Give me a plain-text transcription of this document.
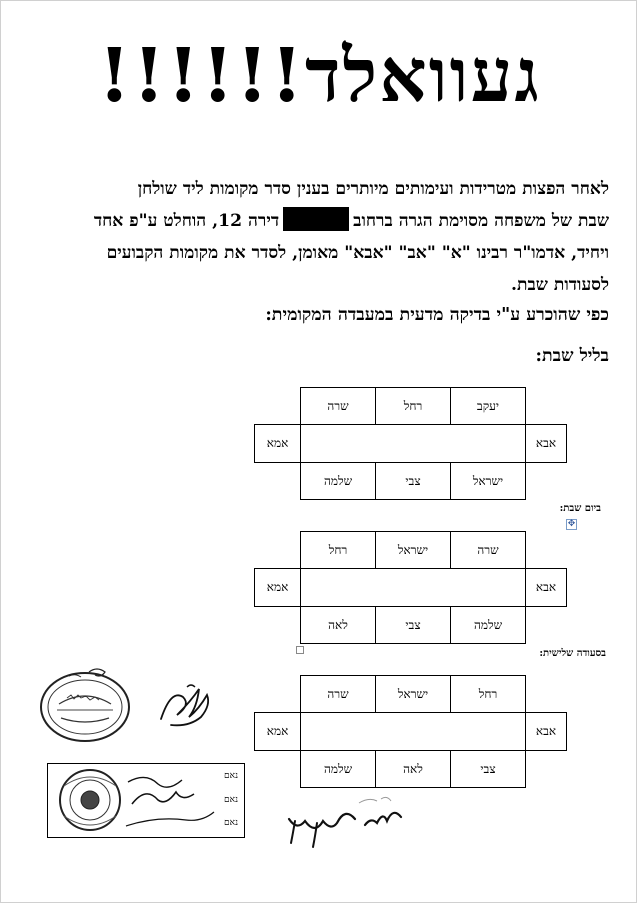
געוואלד!!!!!!
לאחר הפצות מטרידות ועימותים מיותרים בענין סדר מקומות ליד שולחן
שבת של משפחה מסוימת הגרה ברחובדירה 12, הוחלט ע"פ אחד
ויחיד, אדמו"ר רבינו "א" "אב" "אבא" מאומן, לסדר את מקומות הקבועים
לסעודות שבת.
כפי שהוכרע ע"י בדיקה מדעית במעבדה המקומית:
בליל שבת:
שרה	רחל	יעקב
אמא	אבא
שלמה	צבי	ישראל
ביום שבת:
✥
רחל	ישראל	שרה
אמא	אבא
לאה	צבי	שלמה
בסעודה שלישית:
שרה	ישראל	רחל
אמא	אבא
שלמה	לאה	צבי
נאם
נאם
נאם
